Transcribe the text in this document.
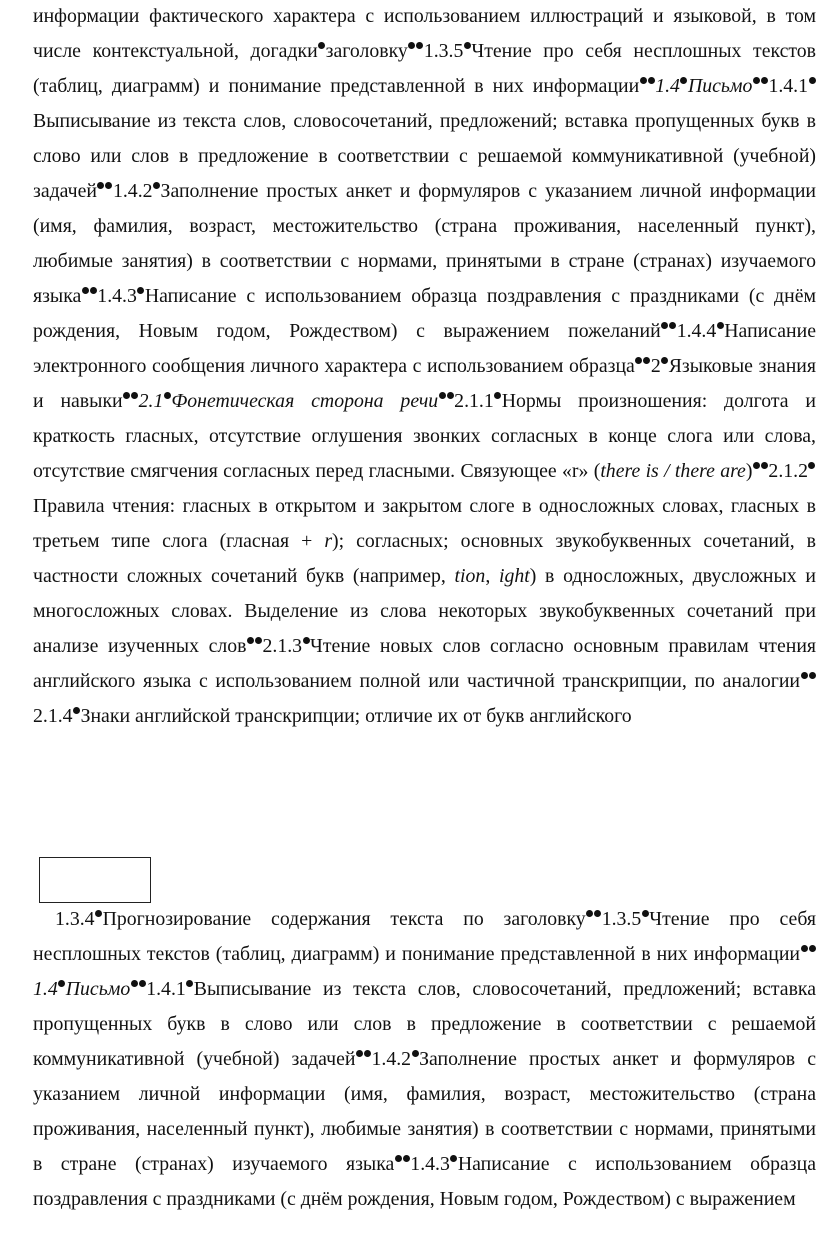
информации фактического характера с использованием иллюстраций и языковой, в том числе контекстуальной, догадки заголовку 1.3.5 Чтение про себя несплошных текстов (таблиц, диаграмм) и понимание представленной в них информации 1.4 Письмо 1.4.1Выписывание из текста слов, словосочетаний, предложений; вставка пропущенных букв в слово или слов в предложение в соответствии с решаемой коммуникативной (учебной) задачей 1.4.2 Заполнение простых анкет и формуляров с указанием личной информации (имя, фамилия, возраст, местожительство (страна проживания, населенный пункт), любимые занятия) в соответствии с нормами, принятыми в стране (странах) изучаемого языка 1.4.3 Написание с использованием образца поздравления с праздниками (с днём рождения, Новым годом, Рождеством) с выражением пожеланий 1.4.4 Написание электронного сообщения личного характера с использованием образца 2 Языковые знания и навыки 2.1 Фонетическая сторона речи 2.1.1 Нормы произношения: долгота и краткость гласных, отсутствие оглушения звонких согласных в конце слога или слова, отсутствие смягчения согласных перед гласными. Связующее «r» (there is / there are) 2.1.2Правила чтения: гласных в открытом и закрытом слоге в односложных словах, гласных в третьем типе слога (гласная + r); согласных; основных звукобуквенных сочетаний, в частности сложных сочетаний букв (например, tion, ight) в односложных, двусложных и многосложных словах. Выделение из слова некоторых звукобуквенных сочетаний при анализе изученных слов 2.1.3 Чтение новых слов согласно основным правилам чтения английского языка с использованием полной или частичной транскрипции, по аналогии2.1.4 Знаки английской транскрипции; отличие их от букв английского

1.3.4 Прогнозирование содержания текста по заголовку 1.3.5 Чтение про себя несплошных текстов (таблиц, диаграмм) и понимание представленной в них информации1.4 Письмо 1.4.1 Выписывание из текста слов, словосочетаний, предложений; вставка пропущенных букв в слово или слов в предложение в соответствии с решаемой коммуникативной (учебной) задачей 1.4.2 Заполнение простых анкет и формуляров с указанием личной информации (имя, фамилия, возраст, местожительство (страна проживания, населенный пункт), любимые занятия) в соответствии с нормами, принятыми в стране (странах) изучаемого языка 1.4.3 Написание с использованием образца поздравления с праздниками (с днём рождения, Новым годом, Рождеством) с выражением
